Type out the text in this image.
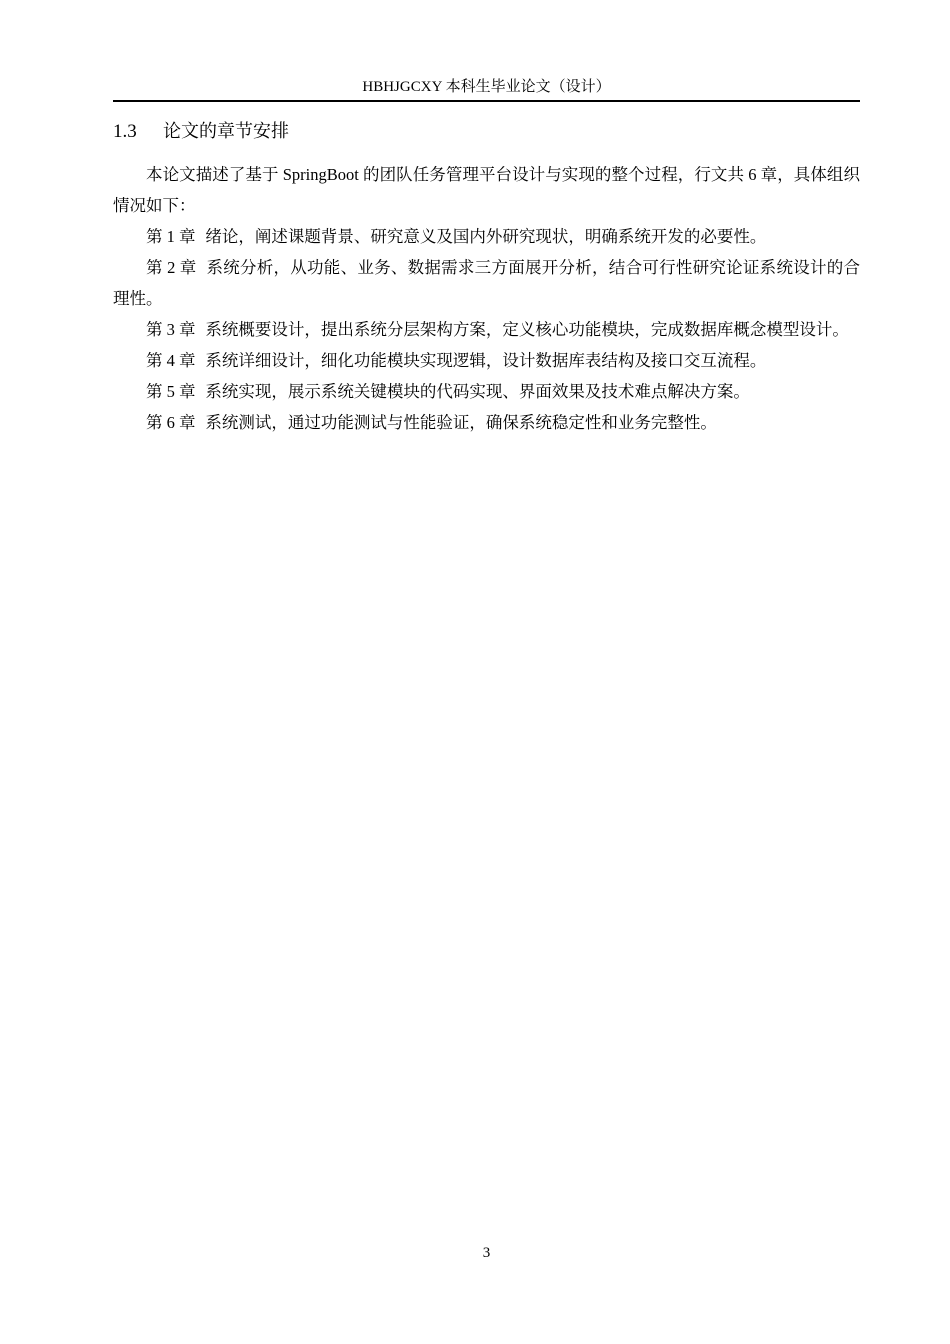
HBHJGCXY 本科生毕业论文（设计）
1.3 论文的章节安排

本论文描述了基于 SpringBoot 的团队任务管理平台设计与实现的整个过程，行文共 6 章，具体组织情况如下：

第 1 章 绪论，阐述课题背景、研究意义及国内外研究现状，明确系统开发的必要性。

第 2 章 系统分析，从功能、业务、数据需求三方面展开分析，结合可行性研究论证系统设计的合理性。

第 3 章 系统概要设计，提出系统分层架构方案，定义核心功能模块，完成数据库概念模型设计。

第 4 章 系统详细设计，细化功能模块实现逻辑，设计数据库表结构及接口交互流程。

第 5 章 系统实现，展示系统关键模块的代码实现、界面效果及技术难点解决方案。

第 6 章 系统测试，通过功能测试与性能验证，确保系统稳定性和业务完整性。

3
